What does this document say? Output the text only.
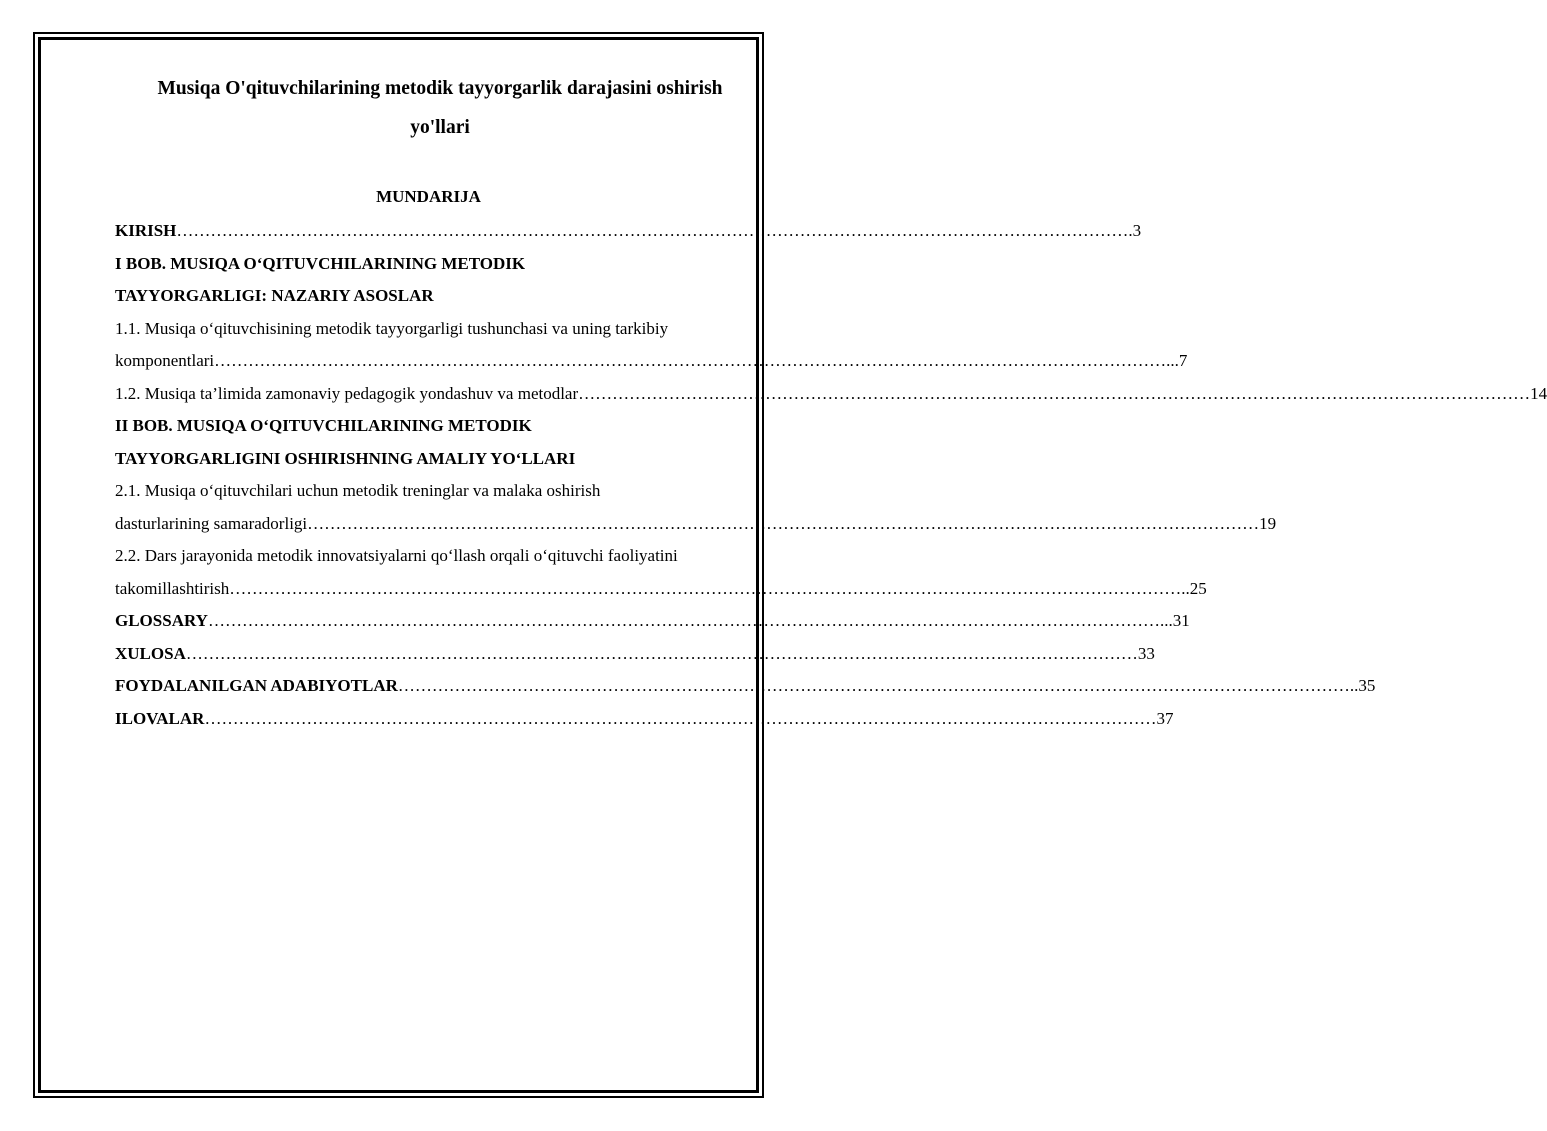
Musiqa O'qituvchilarining metodik tayyorgarlik darajasini oshirish
yo'llari
MUNDARIJA
KIRISH …………………………………………………………………………………………………………………………………………………… .3
I BOB. MUSIQA O‘QITUVCHILARINING METODIK
TAYYORGARLIGI: NAZARIY ASOSLAR
1.1. Musiqa o‘qituvchisining metodik tayyorgarligi tushunchasi va uning tarkibiy
komponentlari …………………………………………………………………………………………………………………………………………………… ...7
1.2. Musiqa ta’limida zamonaviy pedagogik yondashuv va metodlar …………………………………………………………………………………………………………………………………………………… 14
II BOB. MUSIQA O‘QITUVCHILARINING METODIK
TAYYORGARLIGINI OSHIRISHNING AMALIY YO‘LLARI
2.1. Musiqa o‘qituvchilari uchun metodik treninglar va malaka oshirish
dasturlarining samaradorligi …………………………………………………………………………………………………………………………………………………… 19
2.2. Dars jarayonida metodik innovatsiyalarni qo‘llash orqali o‘qituvchi faoliyatini
takomillashtirish …………………………………………………………………………………………………………………………………………………… ..25
GLOSSARY …………………………………………………………………………………………………………………………………………………… ...31
XULOSA …………………………………………………………………………………………………………………………………………………… 33
FOYDALANILGAN ADABIYOTLAR …………………………………………………………………………………………………………………………………………………… ..35
ILOVALAR …………………………………………………………………………………………………………………………………………………… 37
